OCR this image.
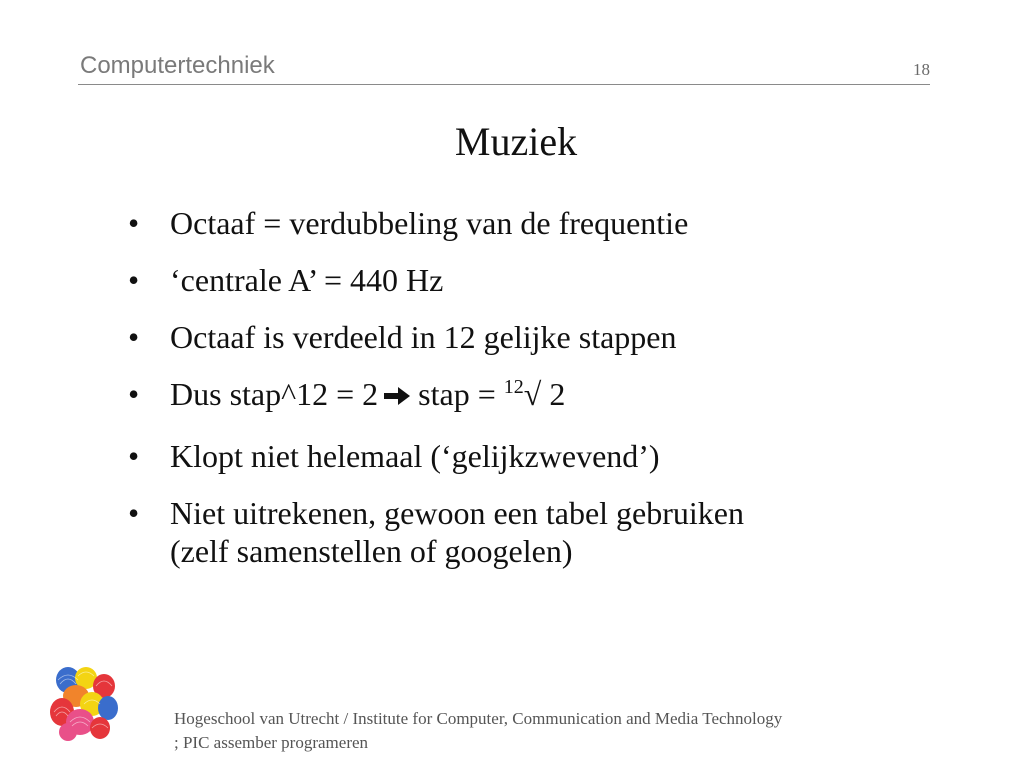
Computertechniek	18
Muziek
• Octaaf = verdubbeling van de frequentie
• ‘centrale A’ = 440 Hz
• Octaaf is verdeeld in 12 gelijke stappen
• Dus stap^12 = 2 stap = $^{12}$√ 2
• Klopt niet helemaal (‘gelijkzwevend’)
• Niet uitrekenen, gewoon een tabel gebruiken
(zelf samenstellen of googelen)
Hogeschool van Utrecht / Institute for Computer, Communication and Media Technology
; PIC assember programeren
